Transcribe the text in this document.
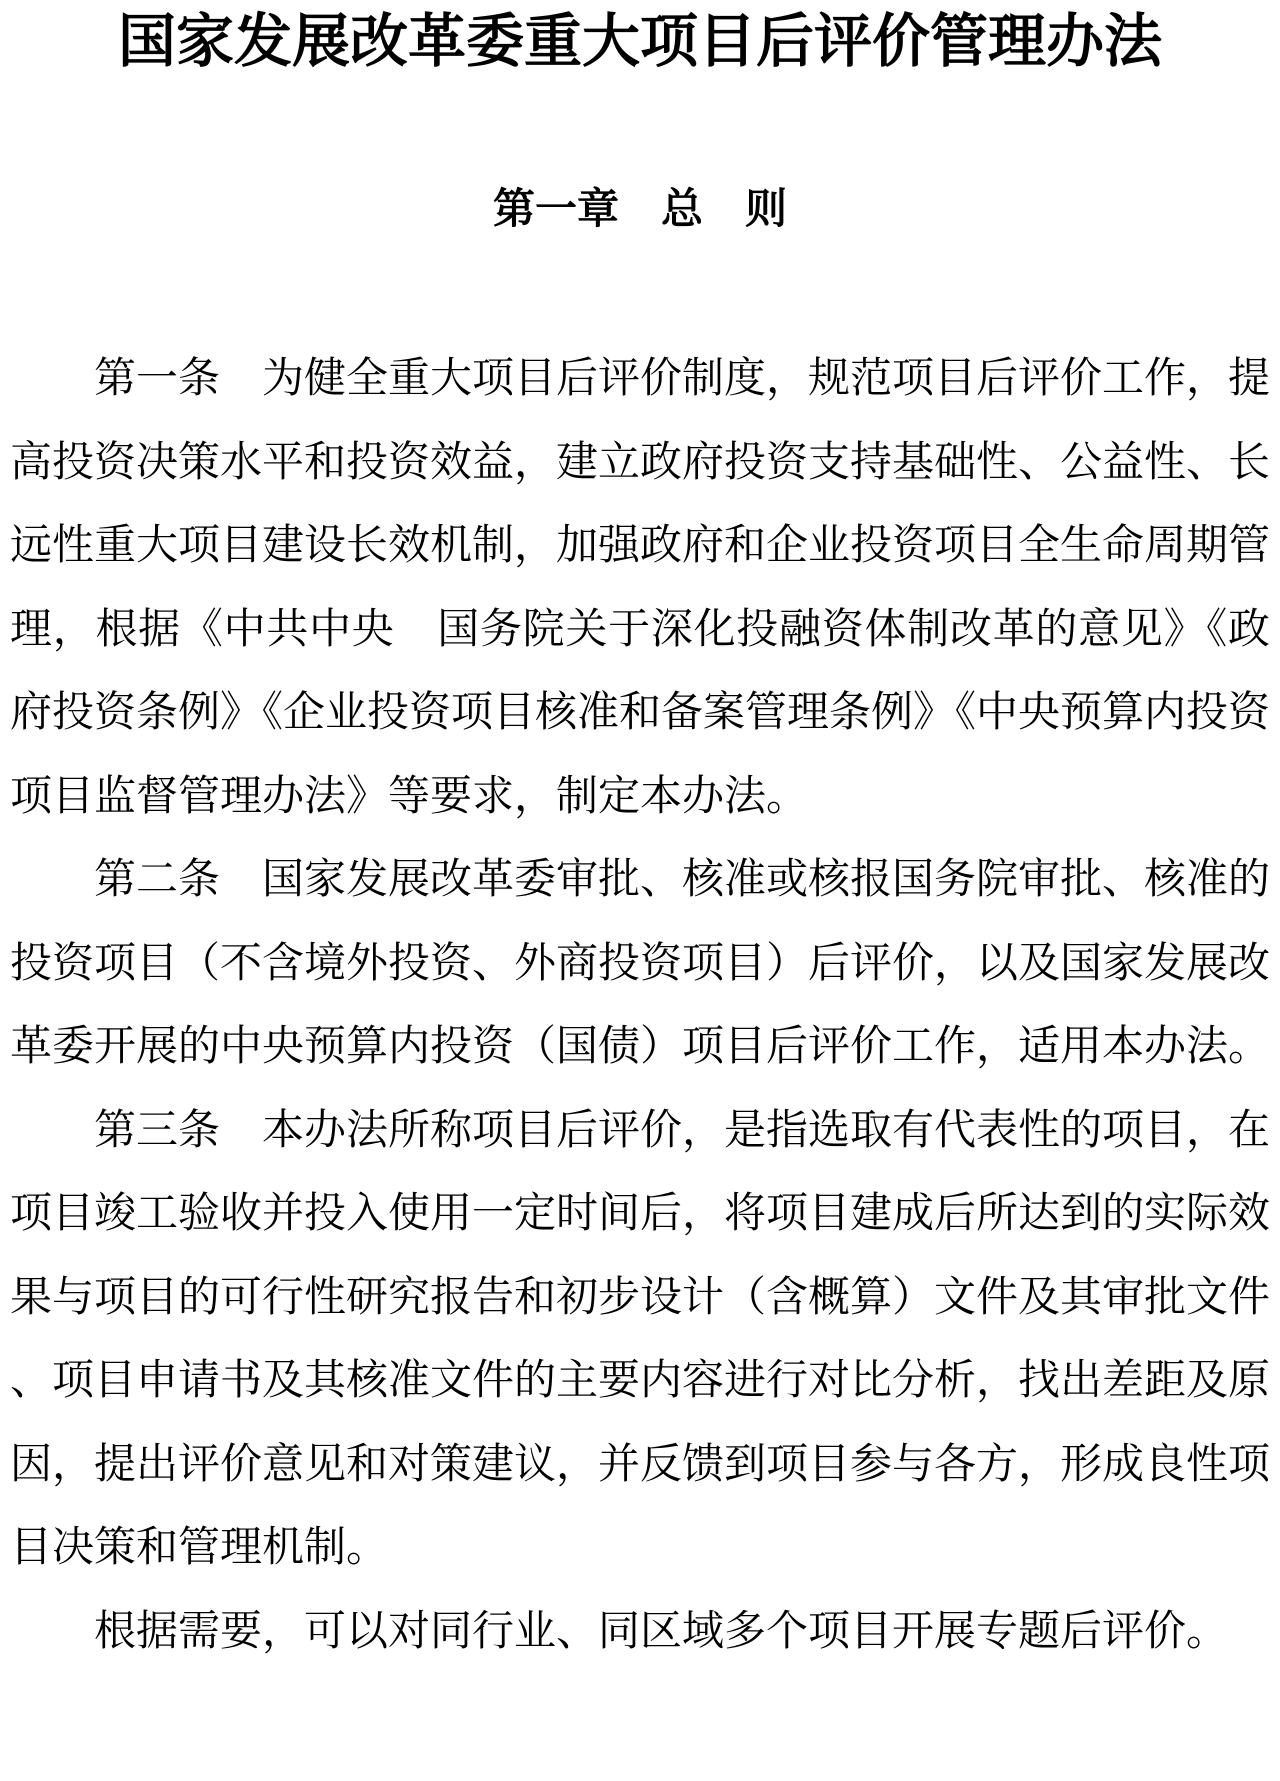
国家发展改革委重大项目后评价管理办法
第一章　总　则

第一条　为健全重大项目后评价制度，规范项目后评价工作，提高投资决策水平和投资效益，建立政府投资支持基础性、公益性、长远性重大项目建设长效机制，加强政府和企业投资项目全生命周期管理，根据《中共中央　国务院关于深化投融资体制改革的意见》《政府投资条例》《企业投资项目核准和备案管理条例》《中央预算内投资项目监督管理办法》等要求，制定本办法。

第二条　国家发展改革委审批、核准或核报国务院审批、核准的投资项目（不含境外投资、外商投资项目）后评价，以及国家发展改革委开展的中央预算内投资（国债）项目后评价工作，适用本办法。

第三条　本办法所称项目后评价，是指选取有代表性的项目，在项目竣工验收并投入使用一定时间后，将项目建成后所达到的实际效果与项目的可行性研究报告和初步设计（含概算）文件及其审批文件、项目申请书及其核准文件的主要内容进行对比分析，找出差距及原因，提出评价意见和对策建议，并反馈到项目参与各方，形成良性项目决策和管理机制。

根据需要，可以对同行业、同区域多个项目开展专题后评价。
